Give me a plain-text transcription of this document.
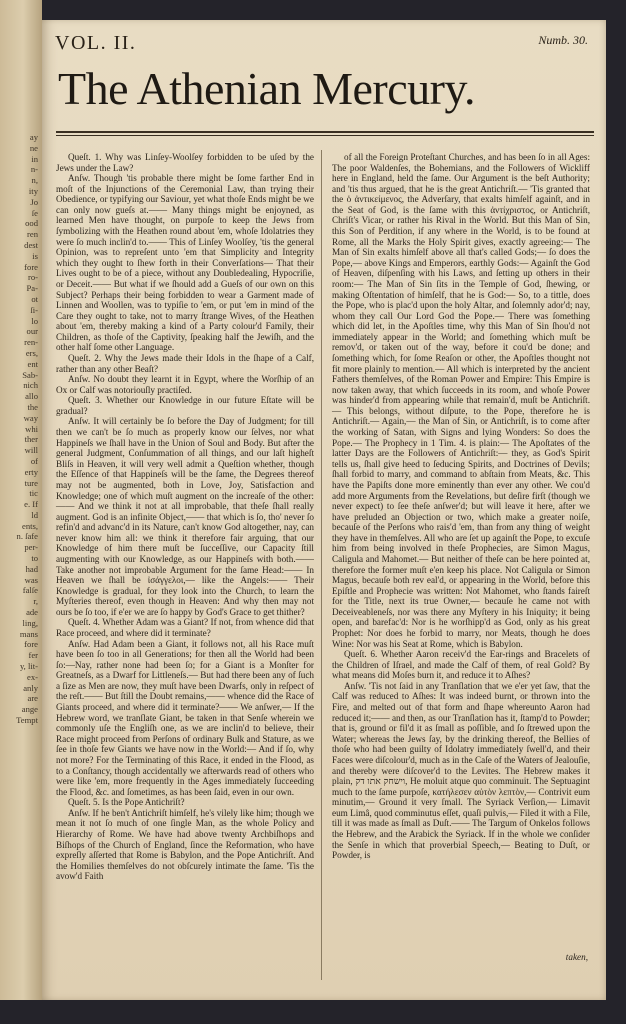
ay
ne
in
n-
n,
ity
Jo
ſe
ood
ren
dest
is
fore
ro-
Pa-
ot
ſi-
lo
our
ren-
ers,
ent
Sab-
nich
allo
the
way
whi
ther
will
of
erty
ture
tic
e. If
ld
ents,
n. ſafe
per-
to
had
was
falſe
r,
ade
ling,
mans
fore
fer
y, lit-
ex-
anly
are
ange
Tempt
VOL. II.	Numb. 30.
The Athenian Mercury.

Queſt. 1. Why was Linſey-Woolſey forbidden to be uſed by the Jews under the Law?

Anſw. Though 'tis probable there might be ſome farther End in moſt of the Injunctions of the Ceremonial Law, than trying their Obedience, or typifying our Saviour, yet what thoſe Ends might be we can only now gueſs at.—— Many things might be enjoyned, as learned Men have thought, on purpoſe to keep the Jews from ſymbolizing with the Heathen round about 'em, whoſe Idolatries they were ſo much inclin'd to.—— This of Linſey Woolſey, 'tis the general Opinion, was to repreſent unto 'em that Simplicity and Integrity which they ought to ſhew forth in their Converſations— That their Lives ought to be of a piece, without any Doubledealing, Hypocriſie, or Deceit.—— But what if we ſhould add a Gueſs of our own on this Subject? Perhaps their being forbidden to wear a Garment made of Linnen and Woollen, was to typiſie to 'em, or put 'em in mind of the Care they ought to take, not to marry ſtrange Wives, of the Heathen about 'em, thereby making a kind of a Party colour'd Family, their Children, as thoſe of the Captivity, ſpeaking half the Jewiſh, and the other half ſome other Language.

Queſt. 2. Why the Jews made their Idols in the ſhape of a Calf, rather than any other Beaſt?

Anſw. No doubt they learnt it in Egypt, where the Worſhip of an Ox or Calf was notoriouſly practiſed.

Queſt. 3. Whether our Knowledge in our future Eſtate will be gradual?

Anſw. It will certainly be ſo before the Day of Judgment; for till then we can't be ſo much as properly know our ſelves, nor what Happineſs we ſhall have in the Union of Soul and Body. But after the general Judgment, Conſummation of all things, and our laſt higheſt Bliſs in Heaven, it will very well admit a Queſtion whether, though the Eſſence of that Happineſs will be the ſame, the Degrees thereof may not be augmented, both in Love, Joy, Satisfaction and Knowledge; one of which muſt augment on the increaſe of the other:—— And we think it not at all improbable, that theſe ſhall really augment. God is an infinite Object,—— that which is ſo, tho' never ſo refin'd and advanc'd in its Nature, can't know God altogether, nay, can never know him all: we think it therefore fair arguing, that our Knowledge of him there muſt be ſucceſſive, our Capacity ſtill augmenting with our Knowledge, as our Happineſs with both.—— Take another not improbable Argument for the ſame Head:—— In Heaven we ſhall be ἰσάγγελοι,— like the Angels:—— Their Knowledge is gradual, for they look into the Church, to learn the Myſteries thereof, even though in Heaven: And why then may not ours be ſo too, if e'er we are ſo happy by God's Grace to get thither?

Queſt. 4. Whether Adam was a Giant? If not, from whence did that Race proceed, and where did it terminate?

Anſw. Had Adam been a Giant, it follows not, all his Race muſt have been ſo too in all Generations; for then all the World had been ſo:—Nay, rather none had been ſo; for a Giant is a Monſter for Greatneſs, as a Dwarf for Littleneſs.— But had there been any of ſuch a ſize as Men are now, they muſt have been Dwarfs, only in reſpect of the reſt.—— But ſtill the Doubt remains,—— whence did the Race of Giants proceed, and where did it terminate?—— We anſwer,— If the Hebrew word, we tranſlate Giant, be taken in that Senſe wherein we commonly uſe the Engliſh one, as we are inclin'd to believe, their Race might proceed from Perſons of ordinary Bulk and Stature, as we ſee in thoſe few Giants we have now in the World:— And if ſo, why not more? For the Terminating of this Race, it ended in the Flood, as to a Conſtancy, though accidentally we afterwards read of others who were like 'em, more frequently in the Ages immediately ſucceeding the Flood, &c. and ſometimes, as has been ſaid, even in our own.

Queſt. 5. Is the Pope Antichriſt?

Anſw. If he ben't Antichriſt himſelf, he's vilely like him; though we mean it not ſo much of one ſingle Man, as the whole Policy and Hierarchy of Rome. We have had above twenty Archbiſhops and Biſhops of the Church of England, ſince the Reformation, who have expreſly aſſerted that Rome is Babylon, and the Pope Antichriſt. And the Homilies themſelves do not obſcurely intimate the ſame. 'Tis the avow'd Faith

of all the Foreign Proteſtant Churches, and has been ſo in all Ages: The poor Waldenſes, the Bohemians, and the Followers of Wickliff here in England, held the ſame. Our Argument is the beſt Authority; and 'tis thus argued, that he is the great Antichriſt.— 'Tis granted that the ὁ ἀντικείμενος, the Adverſary, that exalts himſelf againſt, and in the Seat of God, is the ſame with this ἀντίχριστος, or Antichriſt, Chriſt's Vicar, or rather his Rival in the World. But this Man of Sin, this Son of Perdition, if any where in the World, is to be found at Rome, all the Marks the Holy Spirit gives, exactly agreeing:— The Man of Sin exalts himſelf above all that's called Gods;— ſo does the Pope,— above Kings and Emperors, earthly Gods:— Againſt the God of Heaven, diſpenſing with his Laws, and ſetting up others in their room:— The Man of Sin ſits in the Temple of God, ſhewing, or making Oſtentation of himſelf, that he is God:— So, to a tittle, does the Pope, who is plac'd upon the holy Altar, and ſolemnly ador'd; nay, whom they call Our Lord God the Pope.— There was ſomething which did let, in the Apoſtles time, why this Man of Sin ſhou'd not immediately appear in the World; and ſomething which muſt be remov'd, or taken out of the way, before it cou'd be done; and ſomething which, for ſome Reaſon or other, the Apoſtles thought not fit more plainly to mention.— All which is interpreted by the ancient Fathers themſelves, of the Roman Power and Empire: This Empire is now taken away, that which ſucceeds in its room, and whoſe Power was hinder'd from appearing while that remain'd, muſt be Antichriſt.— This belongs, without diſpute, to the Pope, therefore he is Antichriſt.— Again,— the Man of Sin, or Antichriſt, is to come after the working of Satan, with Signs and lying Wonders: So does the Pope.— The Prophecy in 1 Tim. 4. is plain:— The Apoſtates of the latter Days are the Followers of Antichriſt:— they, as God's Spirit tells us, ſhall give heed to ſeducing Spirits, and Doctrines of Devils; ſhall forbid to marry, and command to abſtain from Meats, &c. This have the Papiſts done more eminently than ever any other. We cou'd add more Arguments from the Revelations, but deſire firſt (though we never expect) to ſee theſe anſwer'd; but will leave it here, after we have preluded an Objection or two, which make a greater noiſe, becauſe of the Perſons who rais'd 'em, than from any thing of weight they have in themſelves. All who are ſet up againſt the Pope, to excuſe him from being involved in theſe Prophecies, are Simon Magus, Caligula and Mahomet.— But neither of theſe can be here pointed at, therefore the former muſt e'en keep his place. Not Caligula or Simon Magus, becauſe both rev eal'd, or appearing in the World, before this Epiſtle and Prophecie was written: Not Mahomet, who ſtands faireſt for the Title, next its true Owner,— becauſe he came not with Deceiveableneſs, nor was there any Myſtery in his Iniquity; it being open, and barefac'd: Nor is he worſhipp'd as God, only as his great Prophet: Nor does he forbid to marry, nor Meats, though he does Wine: Nor was his Seat at Rome, which is Babylon.

Queſt. 6. Whether Aaron receiv'd the Ear-rings and Bracelets of the Children of Iſrael, and made the Calf of them, of real Gold? By what means did Moſes burn it, and reduce it to Aſhes?

Anſw. 'Tis not ſaid in any Tranſlation that we e'er yet ſaw, that the Calf was reduced to Aſhes: It was indeed burnt, or thrown into the Fire, and melted out of that form and ſhape whereunto Aaron had reduced it;—— and then, as our Tranſlation has it, ſtamp'd to Powder; that is, ground or fil'd it as ſmall as poſſible, and ſo ſtrewed upon the Water; whereas the Jews ſay, by the drinking thereof, the Bellies of thoſe who had been guilty of Idolatry immediately ſwell'd, and their Faces were diſcolour'd, much as in the Caſe of the Waters of Jealouſie, and thereby were diſcover'd to the Levites. The Hebrew makes it plain, וישחק אתו דק, He moluit atque quo comminuit. The Septuagint much to the ſame purpoſe, κατήλεσεν αὐτὸν λεπτὸν,— Contrivit eum minutim,— Ground it very ſmall. The Syriack Verſion,— Limavit eum Limâ, quod comminutus eſſet, quaſi pulvis,— Filed it with a File, till it was made as ſmall as Duſt.—— The Targum of Onkelos follows the Hebrew, and the Arabick the Syriack. If in the whole we conſider the Senſe in which that proverbial Speech,— Beating to Duſt, or Powder, is

taken,
